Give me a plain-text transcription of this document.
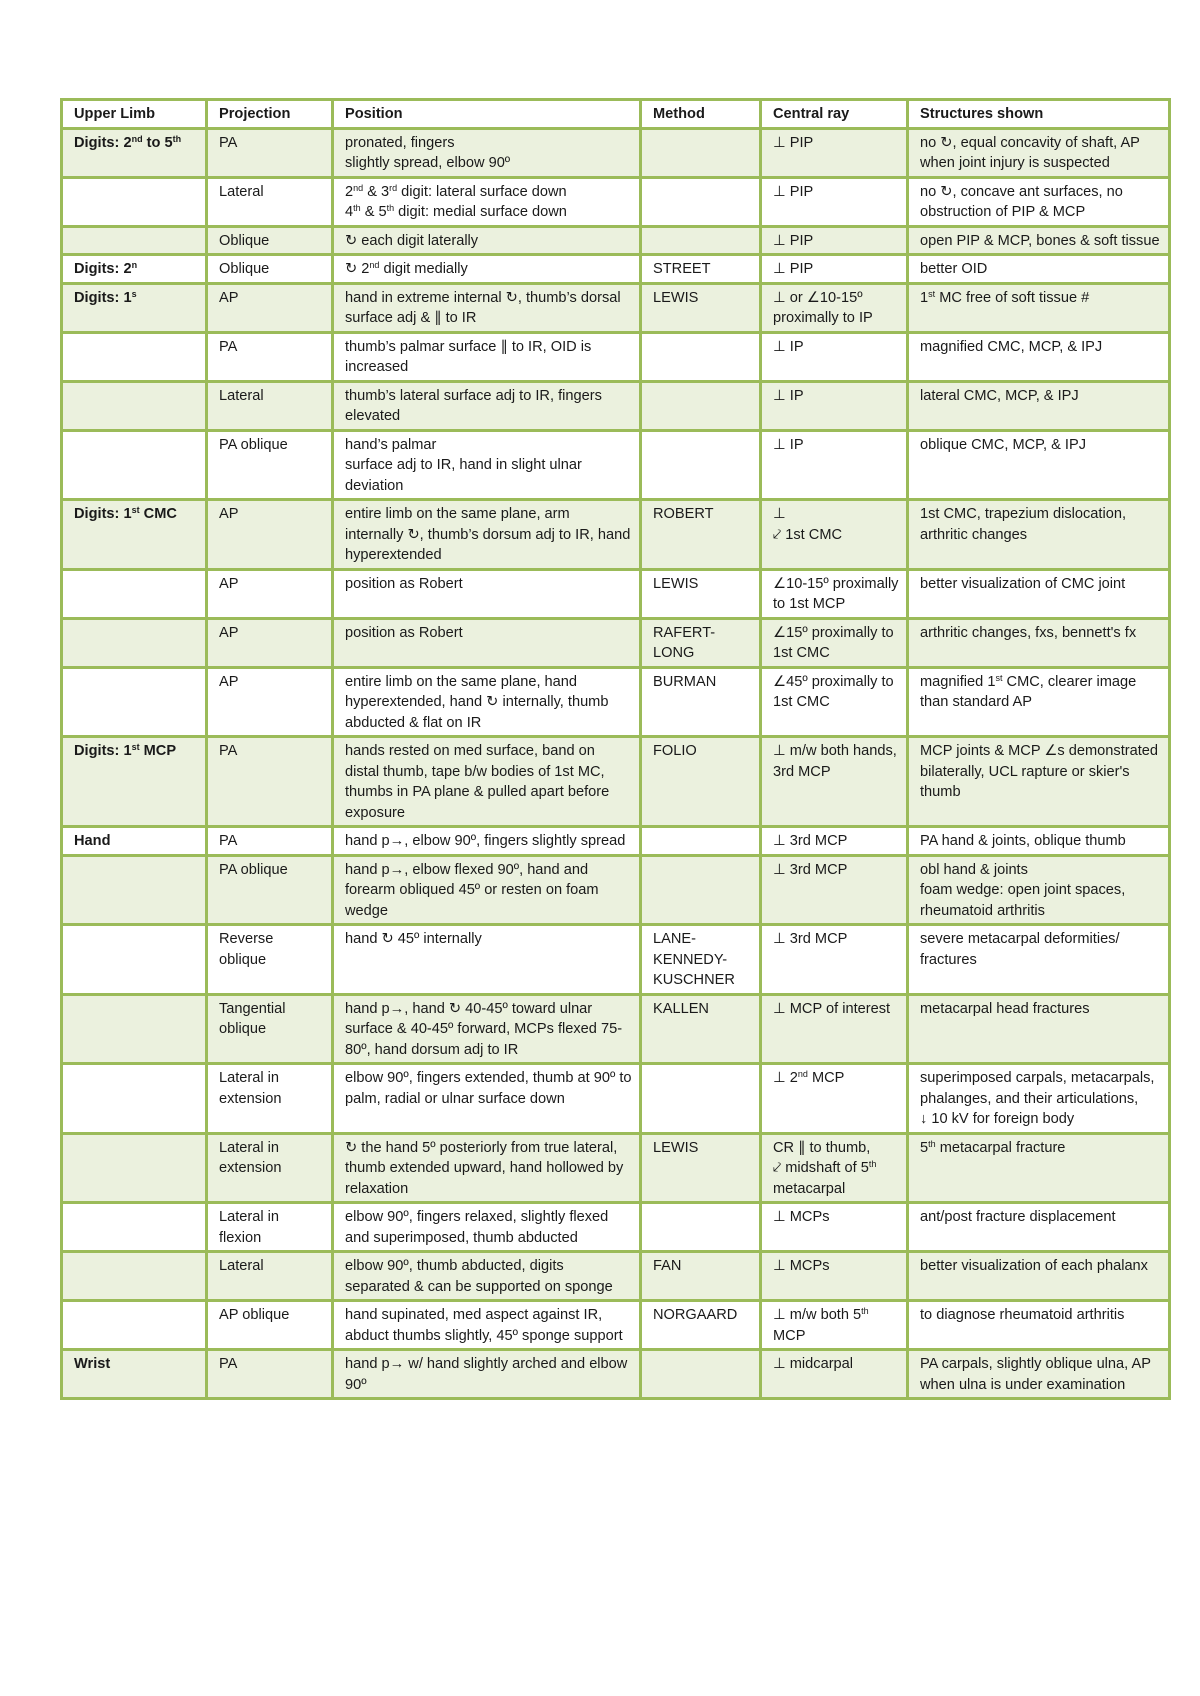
Upper Limb	Projection	Position	Method	Central ray	Structures shown

Digits: 2nd to 5th	PA	pronated, fingers
slightly spread, elbow 90º		⊥ PIP	no ↻, equal concavity of shaft, AP when joint injury is suspected

	Lateral	2nd & 3rd digit: lateral surface down
4th & 5th digit: medial surface down		⊥ PIP	no ↻, concave ant surfaces, no obstruction of PIP & MCP

	Oblique	↻ each digit laterally		⊥ PIP	open PIP & MCP, bones & soft tissue

Digits: 2$^n$	Oblique	↻ 2nd digit medially	STREET	⊥ PIP	better OID

Digits: 1$^s$	AP	hand in extreme internal ↻, thumb’s dorsal surface adj & ∥ to IR	LEWIS	⊥ or ∠10-15º proximally to IP	1st MC free of soft tissue #

	PA	thumb’s palmar surface ∥ to IR, OID is increased		⊥ IP	magnified CMC, MCP, & IPJ

	Lateral	thumb’s lateral surface adj to IR, fingers elevated		⊥ IP	lateral CMC, MCP, & IPJ

	PA oblique	hand’s palmar
surface adj to IR, hand in slight ulnar deviation		⊥ IP	oblique CMC, MCP, & IPJ

Digits: 1st CMC	AP	entire limb on the same plane, arm internally ↻, thumb’s dorsum adj to IR, hand hyperextended	ROBERT	⊥
⤦ 1st CMC	1st CMC, trapezium dislocation, arthritic changes

	AP	position as Robert	LEWIS	∠10-15º proximally to 1st MCP	better visualization of CMC joint

	AP	position as Robert	RAFERT-LONG	∠15º proximally to 1st CMC	arthritic changes, fxs, bennett's fx

	AP	entire limb on the same plane, hand hyperextended, hand ↻ internally, thumb abducted & flat on IR	BURMAN	∠45º proximally to 1st CMC	magnified 1st CMC, clearer image than standard AP

Digits: 1st MCP	PA	hands rested on med surface, band on distal thumb, tape b/w bodies of 1st MC, thumbs in PA plane & pulled apart before exposure	FOLIO	⊥ m/w both hands, 3rd MCP	MCP joints & MCP ∠s demonstrated bilaterally, UCL rapture or skier's thumb

Hand	PA	hand p→, elbow 90º, fingers slightly spread		⊥ 3rd MCP	PA hand & joints, oblique thumb

	PA oblique	hand p→, elbow flexed 90º, hand and forearm obliqued 45º or resten on foam wedge		⊥ 3rd MCP	obl hand & joints
foam wedge: open joint spaces, rheumatoid arthritis

	Reverse oblique	hand ↻ 45º internally	LANE-KENNEDY-KUSCHNER	⊥ 3rd MCP	severe metacarpal deformities/ fractures

	Tangential oblique	hand p→, hand ↻ 40-45º toward ulnar surface & 40-45º forward, MCPs flexed 75-80º, hand dorsum adj to IR	KALLEN	⊥ MCP of interest	metacarpal head fractures

	Lateral in extension	elbow 90º, fingers extended, thumb at 90º to palm, radial or ulnar surface down		⊥ 2nd MCP	superimposed carpals, metacarpals, phalanges, and their articulations,
↓ 10 kV for foreign body

	Lateral in extension	↻ the hand 5º posteriorly from true lateral, thumb extended upward, hand hollowed by relaxation	LEWIS	CR ∥ to thumb,
⤦ midshaft of 5th metacarpal	5th metacarpal fracture

	Lateral in flexion	elbow 90º, fingers relaxed, slightly flexed and superimposed, thumb abducted		⊥ MCPs	ant/post fracture displacement

	Lateral	elbow 90º, thumb abducted, digits separated & can be supported on sponge	FAN	⊥ MCPs	better visualization of each phalanx

	AP oblique	hand supinated, med aspect against IR, abduct thumbs slightly, 45º sponge support	NORGAARD	⊥ m/w both 5th MCP	to diagnose rheumatoid arthritis

Wrist	PA	hand p→ w/ hand slightly arched and elbow 90º		⊥ midcarpal	PA carpals, slightly oblique ulna, AP when ulna is under examination
